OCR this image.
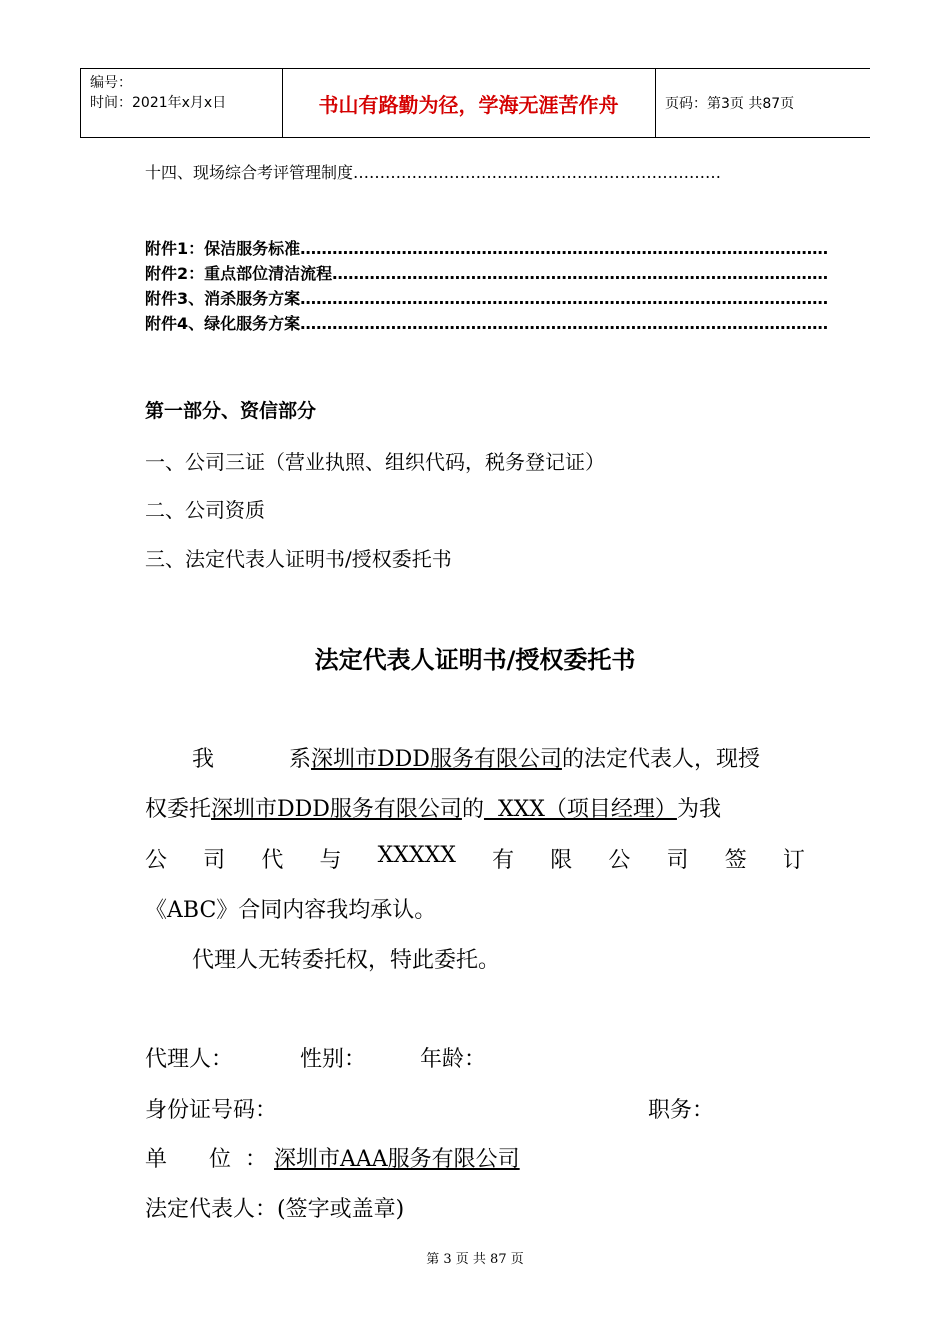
编号：
时间：2021年x月x日	书山有路勤为径，学海无涯苦作舟	页码：第3页 共87页
十四、现场综合考评管理制度……………………………………………………………
附件1：保洁服务标准………………………………………………………………………………………
附件2：重点部位清洁流程…………………………………………………………………………………
附件3、消杀服务方案………………………………………………………………………………………
附件4、绿化服务方案………………………………………………………………………………………
第一部分、资信部分
一、公司三证（营业执照、组织代码，税务登记证）
二、公司资质
三、法定代表人证明书/授权委托书
法定代表人证明书/授权委托书
我	系深圳市DDD服务有限公司的法定代表人，现授
权委托深圳市DDD服务有限公司的  XXX（项目经理）为我
公 司 代 与 XXXXX 有 限 公 司 签 订
《ABC》合同内容我均承认。
代理人无转委托权，特此委托。
代理人：	性别： 年龄：
身份证号码：	职务：
单      位  ： 深圳市AAA服务有限公司
法定代表人：(签字或盖章)
第 3 页 共 87 页
